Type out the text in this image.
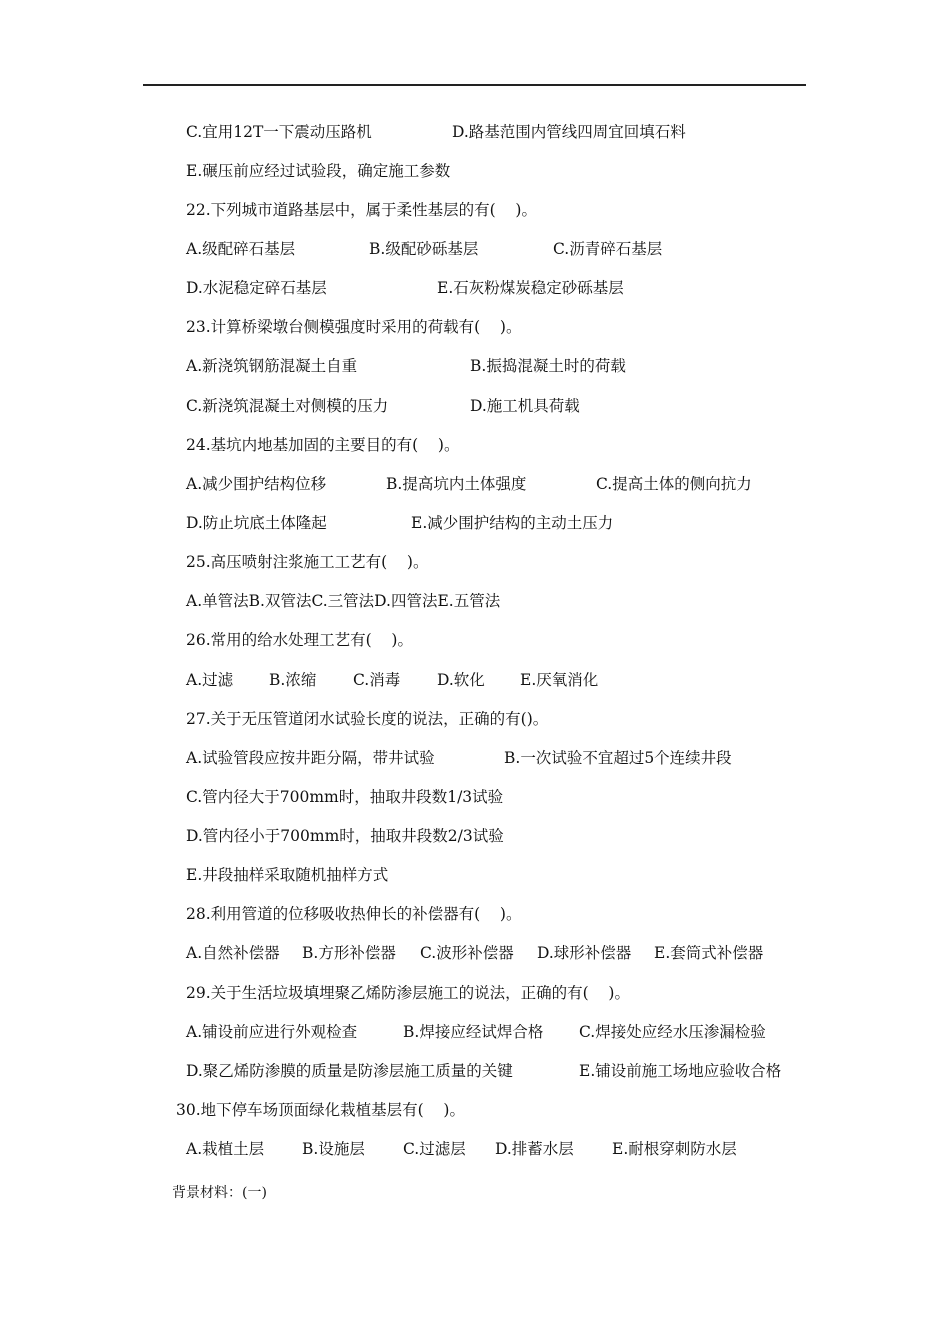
C.宜用12T一下震动压路机	D.路基范围内管线四周宜回填石料
E.碾压前应经过试验段，确定施工参数
22.下列城市道路基层中，属于柔性基层的有(    )。
A.级配碎石基层	B.级配砂砾基层	C.沥青碎石基层
D.水泥稳定碎石基层	E.石灰粉煤炭稳定砂砾基层
23.计算桥梁墩台侧模强度时采用的荷载有(    )。
A.新浇筑钢筋混凝土自重	B.振捣混凝土时的荷载
C.新浇筑混凝土对侧模的压力	D.施工机具荷载
24.基坑内地基加固的主要目的有(    )。
A.减少围护结构位移	B.提高坑内土体强度	C.提高土体的侧向抗力
D.防止坑底土体隆起	E.减少围护结构的主动土压力
25.高压喷射注浆施工工艺有(    )。
A.单管法B.双管法C.三管法D.四管法E.五管法
26.常用的给水处理工艺有(    )。
A.过滤 B.浓缩 C.消毒 D.软化 E.厌氧消化
27.关于无压管道闭水试验长度的说法，正确的有()。
A.试验管段应按井距分隔，带井试验	B.一次试验不宜超过5个连续井段
C.管内径大于700mm时，抽取井段数1/3试验
D.管内径小于700mm时，抽取井段数2/3试验
E.井段抽样采取随机抽样方式
28.利用管道的位移吸收热伸长的补偿器有(    )。
A.自然补偿器 B.方形补偿器 C.波形补偿器 D.球形补偿器 E.套筒式补偿器
29.关于生活垃圾填埋聚乙烯防渗层施工的说法，正确的有(    )。
A.铺设前应进行外观检查	B.焊接应经试焊合格 C.焊接处应经水压渗漏检验
D.聚乙烯防渗膜的质量是防渗层施工质量的关键	E.铺设前施工场地应验收合格
30.地下停车场顶面绿化栽植基层有(    )。
A.栽植土层 B.设施层 C.过滤层 D.排蓄水层 E.耐根穿刺防水层
背景材料：(一)
